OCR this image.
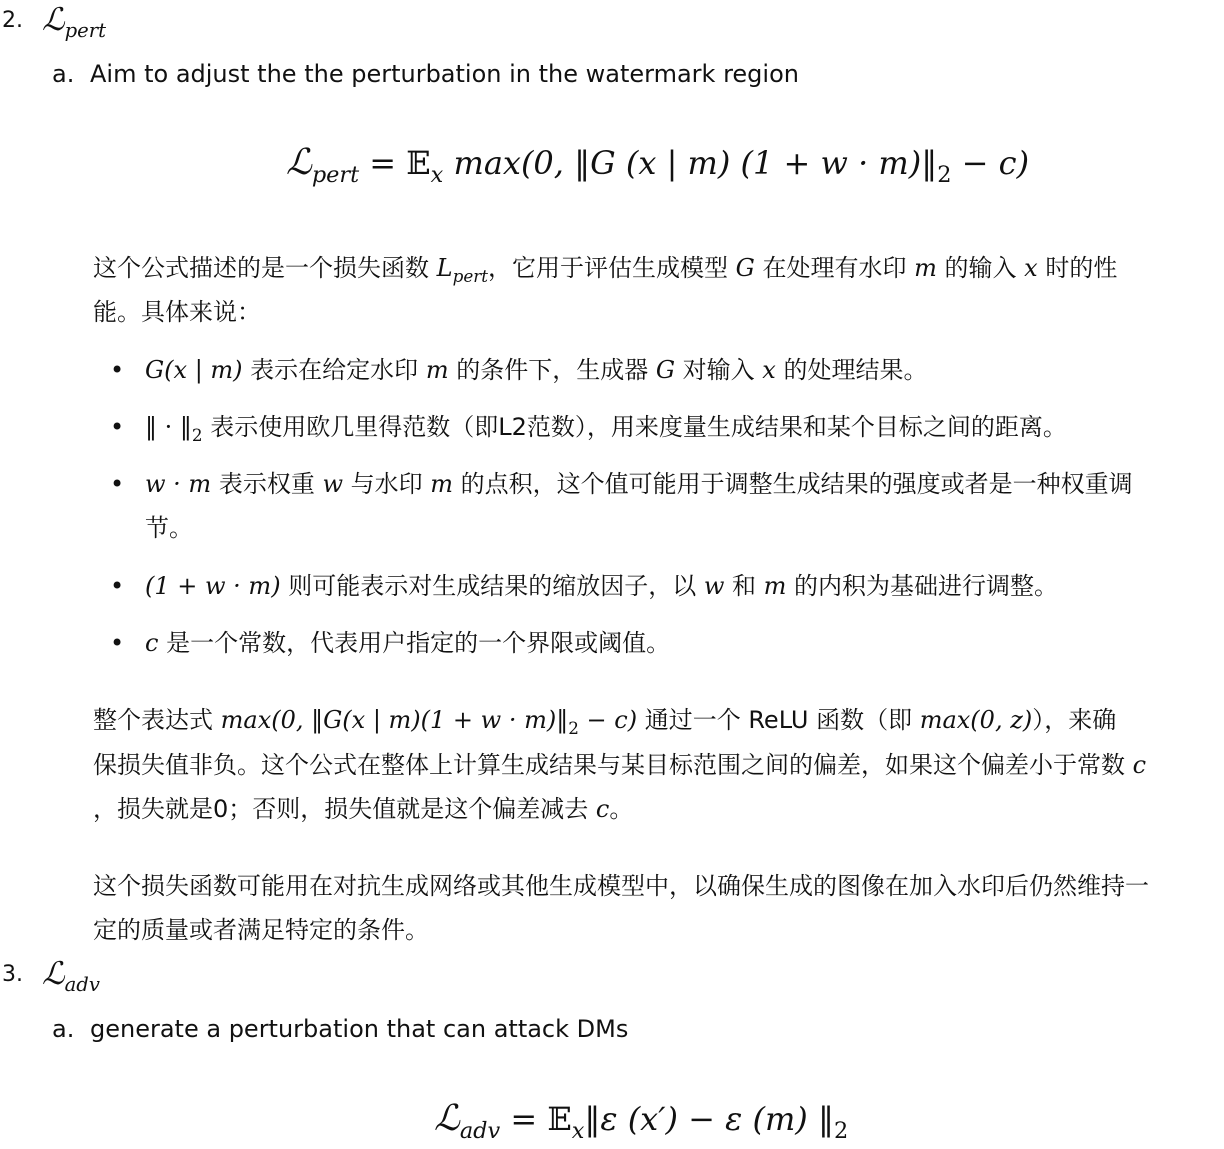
2. ℒ$_{pert}$
a. Aim to adjust the the perturbation in the watermark region
ℒ$_{pert}$ = 𝔼$_x$ max(0, ‖G (x | m) $(1 + w \cdot m)‖_2 - c$)
这个公式描述的是一个损失函数 $L_{pert}$，它用于评估生成模型 G 在处理有水印 m 的输入 x 时的性
能。具体来说：
• G(x | m) 表示在给定水印 m 的条件下，生成器 G 对输入 x 的处理结果。
• ‖ · $‖_2$ 表示使用欧几里得范数（即L2范数），用来度量生成结果和某个目标之间的距离。
• w · m 表示权重 w 与水印 m 的点积，这个值可能用于调整生成结果的强度或者是一种权重调
节。
• (1 + w · m) 则可能表示对生成结果的缩放因子，以 w 和 m 的内积为基础进行调整。
• c 是一个常数，代表用户指定的一个界限或阈值。
整个表达式 max(0, ‖G(x | $m)(1 + w \cdot m)‖_2 - c$) 通过一个 ReLU 函数（即 max(0, z)），来确
保损失值非负。这个公式在整体上计算生成结果与某目标范围之间的偏差，如果这个偏差小于常数 c
，损失就是0；否则，损失值就是这个偏差减去 c。
这个损失函数可能用在对抗生成网络或其他生成模型中，以确保生成的图像在加入水印后仍然维持一
定的质量或者满足特定的条件。
3. ℒ$_{adv}$
a. generate a perturbation that can attack DMs
ℒ$_{adv}$ = 𝔼$_x$‖ε (x′) − ε (m) $‖_2$
